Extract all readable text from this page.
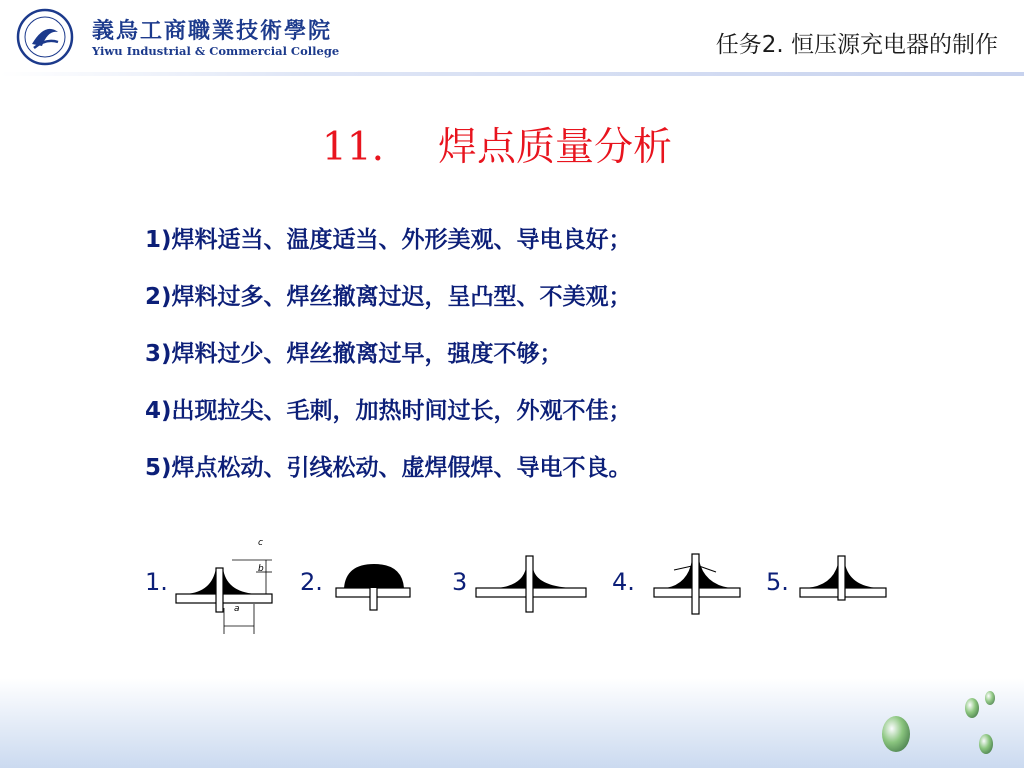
義烏工商職業技術學院
Yiwu Industrial & Commercial College	任务2. 恒压源充电器的制作
11. 焊点质量分析
1)焊料适当、温度适当、外形美观、导电良好；
2)焊料过多、焊丝撤离过迟，呈凸型、不美观；
3)焊料过少、焊丝撤离过早，强度不够；
4)出现拉尖、毛刺，加热时间过长，外观不佳；
5)焊点松动、引线松动、虚焊假焊、导电不良。
1.
c
b
a
2.	3	4.	5.
